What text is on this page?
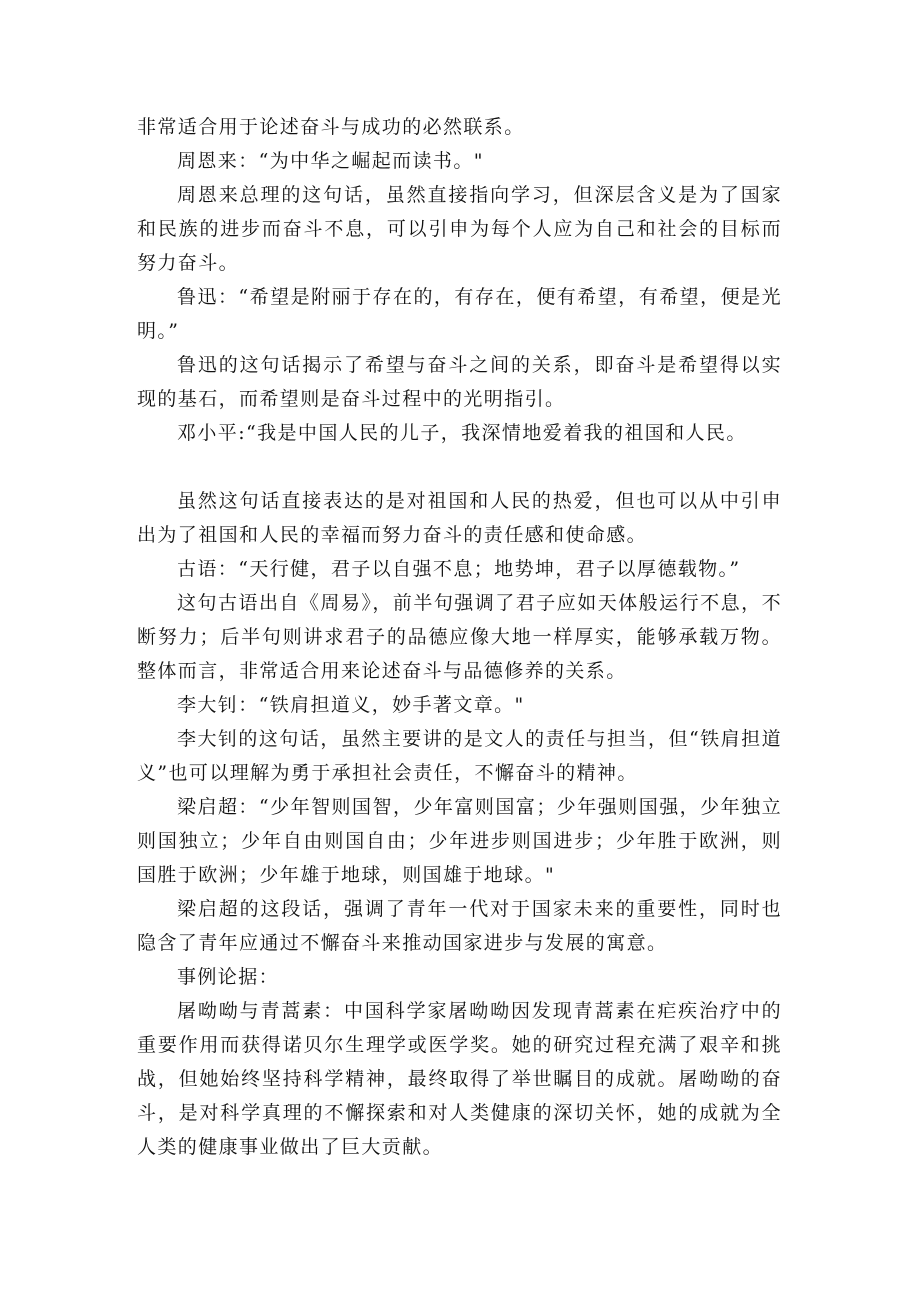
非常适合用于论述奋斗与成功的必然联系。

周恩来：“为中华之崛起而读书。"

周恩来总理的这句话，虽然直接指向学习，但深层含义是为了国家和民族的进步而奋斗不息，可以引申为每个人应为自己和社会的目标而努力奋斗。

鲁迅：“希望是附丽于存在的，有存在，便有希望，有希望，便是光明。”

鲁迅的这句话揭示了希望与奋斗之间的关系，即奋斗是希望得以实现的基石，而希望则是奋斗过程中的光明指引。

邓小平:“我是中国人民的儿子，我深情地爱着我的祖国和人民。

虽然这句话直接表达的是对祖国和人民的热爱，但也可以从中引申出为了祖国和人民的幸福而努力奋斗的责任感和使命感。

古语：“天行健，君子以自强不息；地势坤，君子以厚德载物。”

这句古语出自《周易》，前半句强调了君子应如天体般运行不息，不断努力；后半句则讲求君子的品德应像大地一样厚实，能够承载万物。整体而言，非常适合用来论述奋斗与品德修养的关系。

李大钊：“铁肩担道义，妙手著文章。"

李大钊的这句话，虽然主要讲的是文人的责任与担当，但“铁肩担道义”也可以理解为勇于承担社会责任，不懈奋斗的精神。

梁启超：“少年智则国智，少年富则国富；少年强则国强，少年独立则国独立；少年自由则国自由；少年进步则国进步；少年胜于欧洲，则国胜于欧洲；少年雄于地球，则国雄于地球。"

梁启超的这段话，强调了青年一代对于国家未来的重要性，同时也隐含了青年应通过不懈奋斗来推动国家进步与发展的寓意。

事例论据：

屠呦呦与青蒿素：中国科学家屠呦呦因发现青蒿素在疟疾治疗中的重要作用而获得诺贝尔生理学或医学奖。她的研究过程充满了艰辛和挑战，但她始终坚持科学精神，最终取得了举世瞩目的成就。屠呦呦的奋斗，是对科学真理的不懈探索和对人类健康的深切关怀，她的成就为全人类的健康事业做出了巨大贡献。
